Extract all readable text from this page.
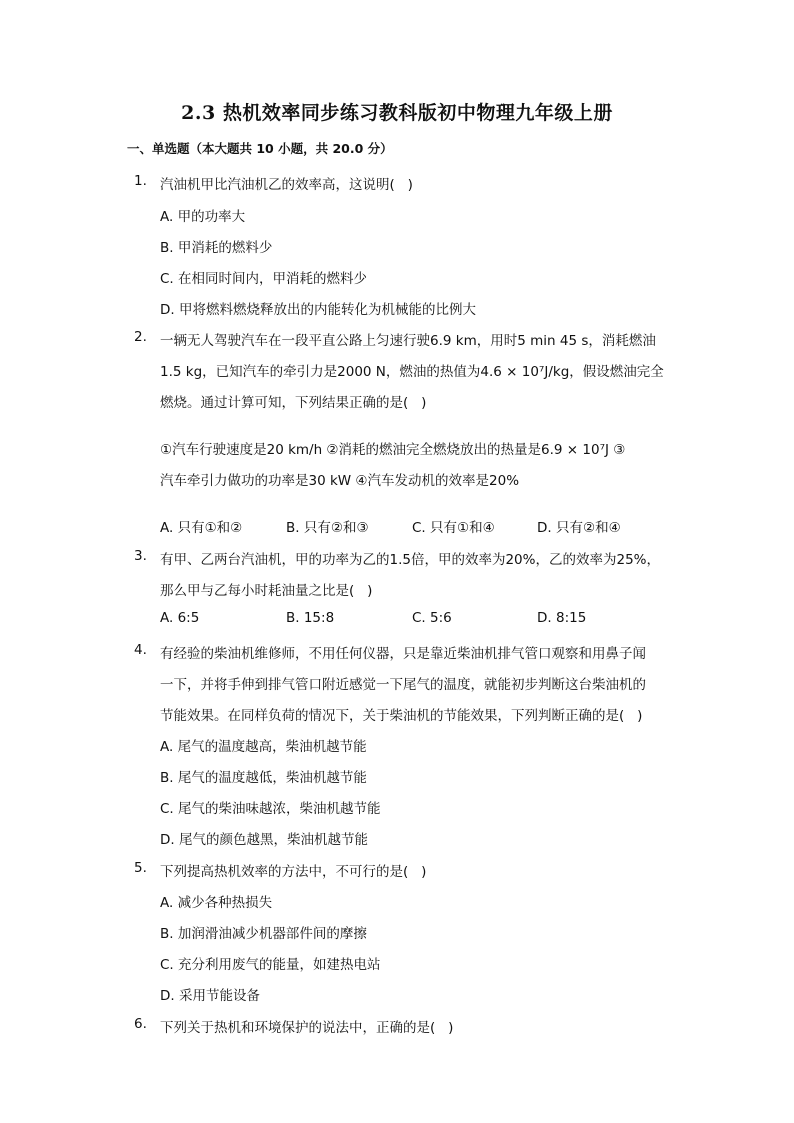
2.3 热机效率同步练习教科版初中物理九年级上册
一、单选题（本大题共 10 小题，共 20.0 分）
1. 汽油机甲比汽油机乙的效率高，这说明(   )
A. 甲的功率大
B. 甲消耗的燃料少
C. 在相同时间内，甲消耗的燃料少
D. 甲将燃料燃烧释放出的内能转化为机械能的比例大
2. 一辆无人驾驶汽车在一段平直公路上匀速行驶6.9 km，用时5 min 45 s，消耗燃油
1.5 kg，已知汽车的牵引力是2000 N，燃油的热值为4.6 × 10⁷J/kg，假设燃油完全
燃烧。通过计算可知，下列结果正确的是(   )
①汽车行驶速度是20 km/h ②消耗的燃油完全燃烧放出的热量是6.9 × 10⁷J ③
汽车牵引力做功的功率是30 kW ④汽车发动机的效率是20%
A. 只有①和②	B. 只有②和③	C. 只有①和④	D. 只有②和④
3. 有甲、乙两台汽油机，甲的功率为乙的1.5倍，甲的效率为20%，乙的效率为25%，
那么甲与乙每小时耗油量之比是(   )
A. 6:5	B. 15:8	C. 5:6	D. 8:15
4. 有经验的柴油机维修师，不用任何仪器，只是靠近柴油机排气管口观察和用鼻子闻
一下，并将手伸到排气管口附近感觉一下尾气的温度，就能初步判断这台柴油机的
节能效果。在同样负荷的情况下，关于柴油机的节能效果，下列判断正确的是(   )
A. 尾气的温度越高，柴油机越节能
B. 尾气的温度越低，柴油机越节能
C. 尾气的柴油味越浓，柴油机越节能
D. 尾气的颜色越黑，柴油机越节能
5. 下列提高热机效率的方法中，不可行的是(   )
A. 减少各种热损失
B. 加润滑油减少机器部件间的摩擦
C. 充分利用废气的能量，如建热电站
D. 采用节能设备
6. 下列关于热机和环境保护的说法中，正确的是(   )
